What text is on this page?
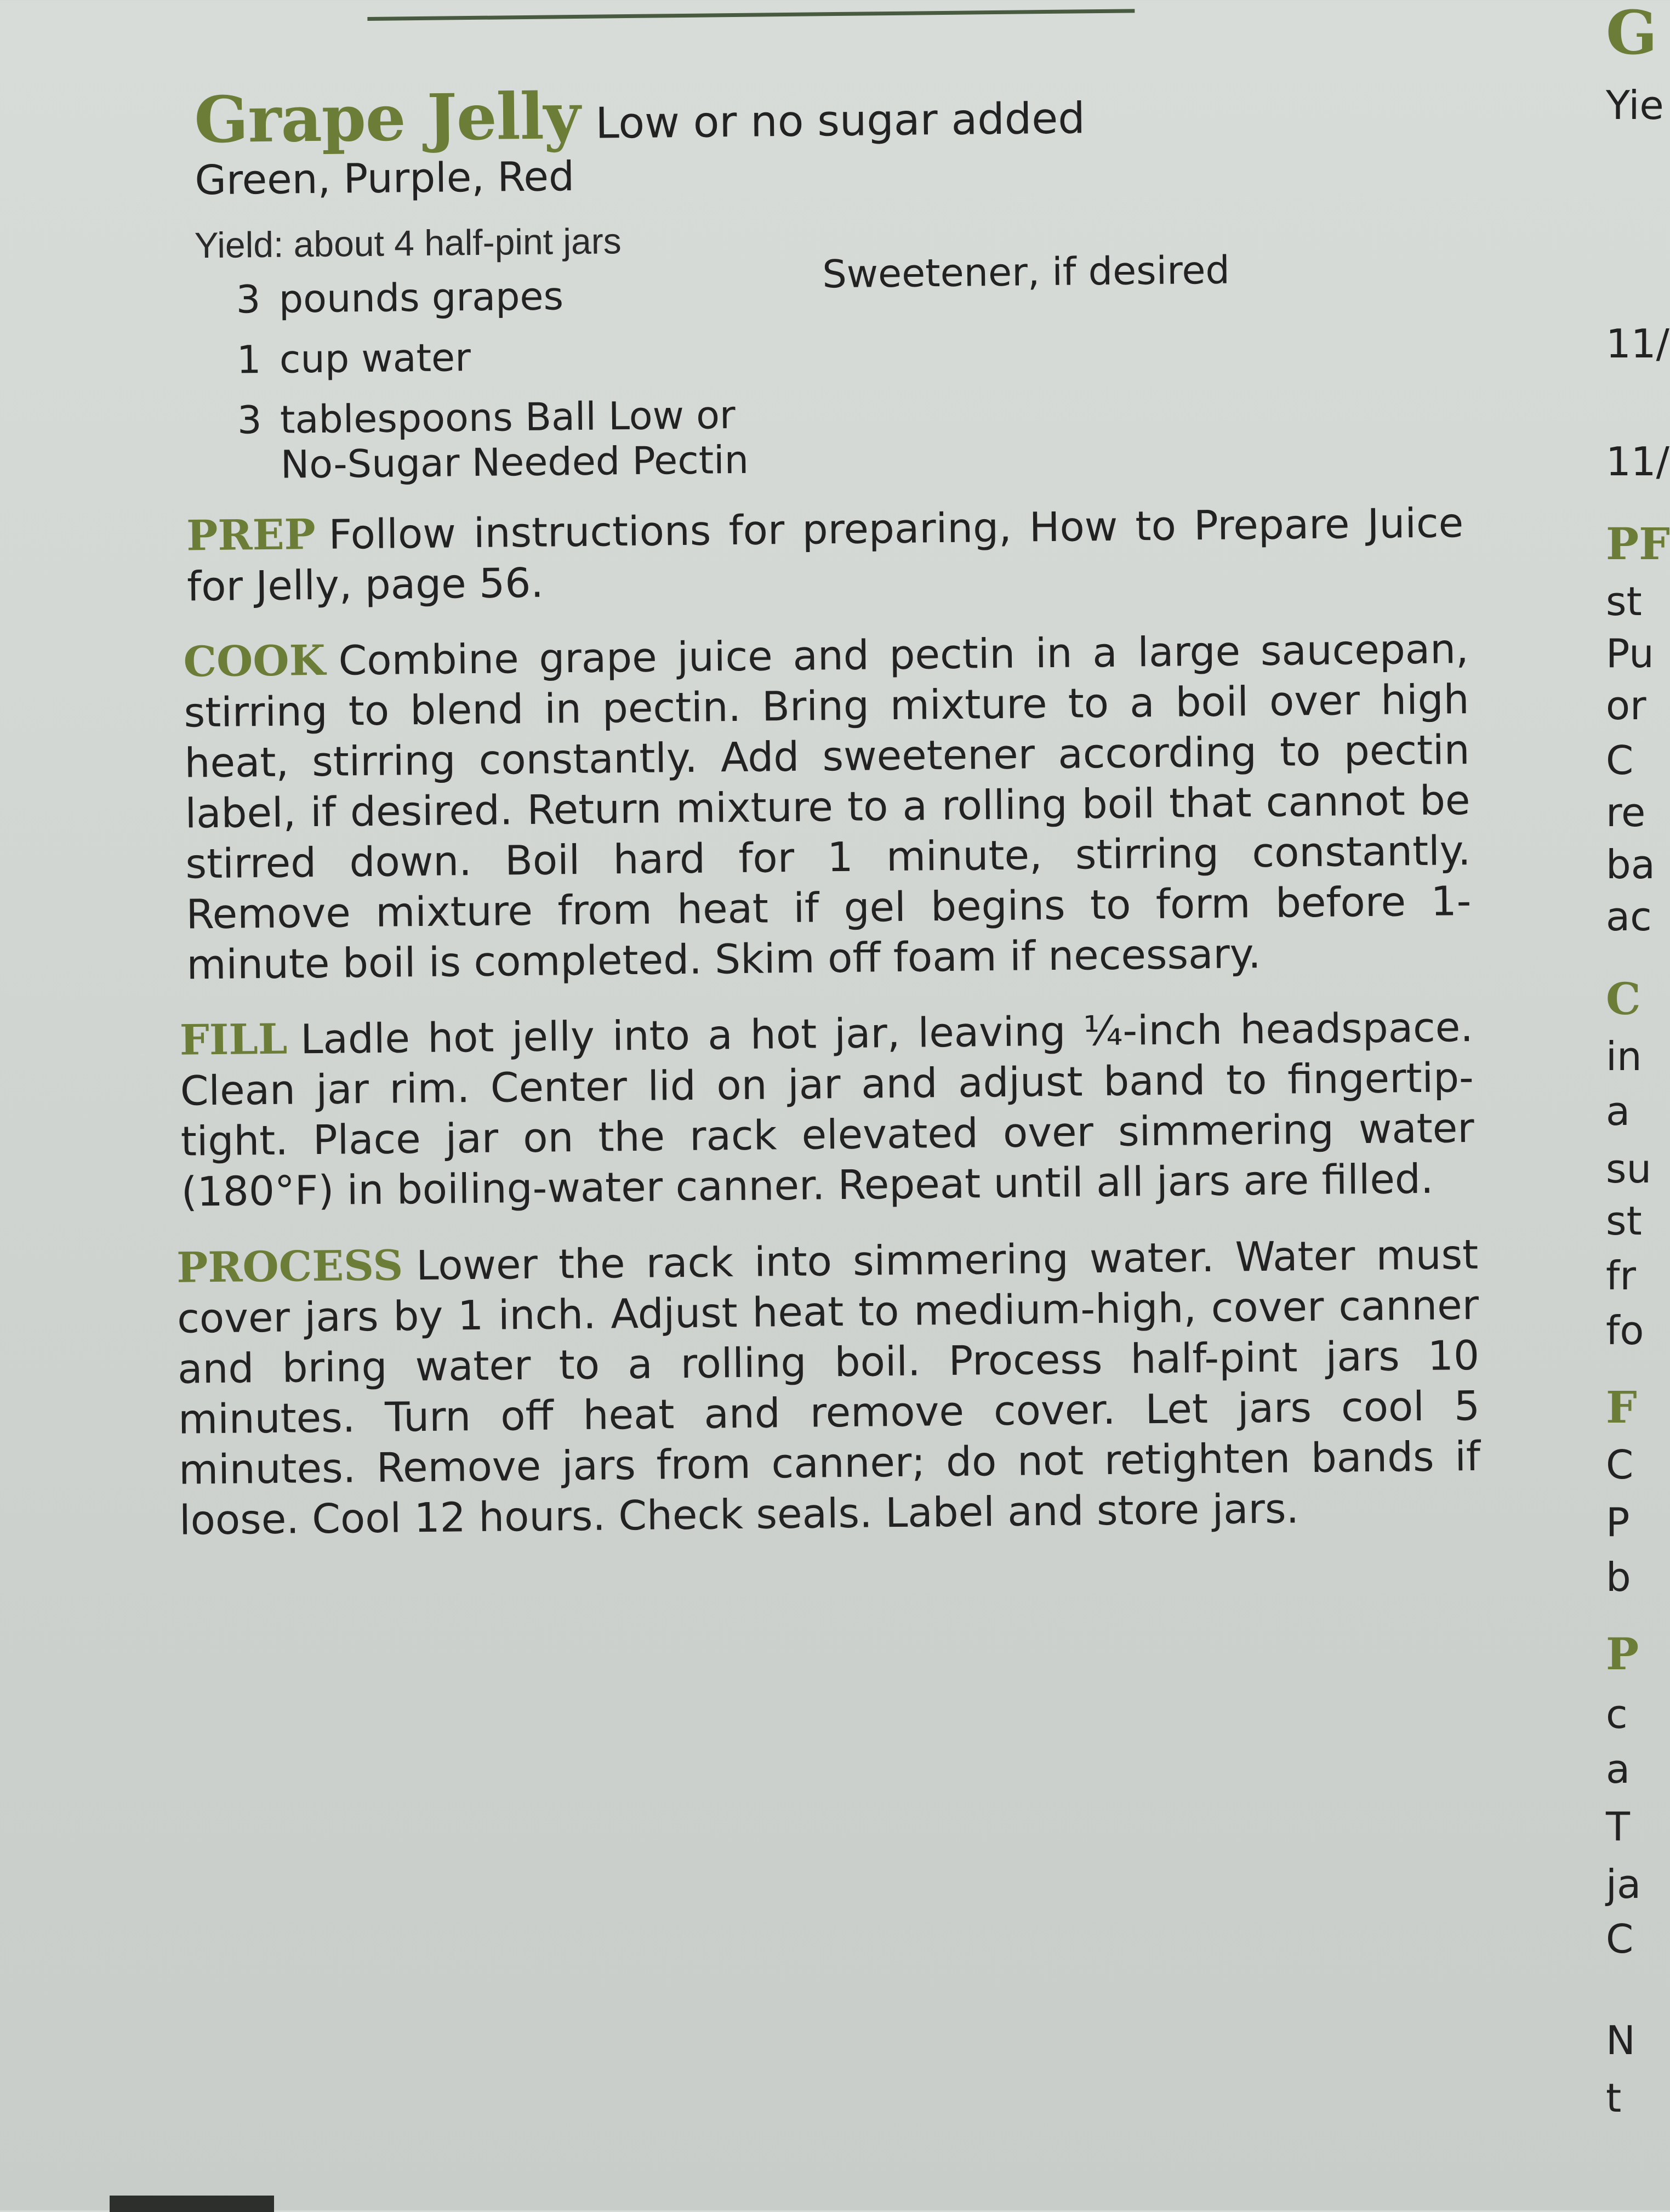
Grape Jelly Low or no sugar added
Green, Purple, Red
Yield: about 4 half-pint jars
3 pounds grapes
1 cup water
3 tablespoons Ball Low or
No-Sugar Needed Pectin
Sweetener, if desired
PREP Follow instructions for preparing, How to Prepare Juice for Jelly, page 56.
COOK Combine grape juice and pectin in a large saucepan, stirring to blend in pectin. Bring mixture to a boil over high heat, stirring constantly. Add sweetener according to pectin label, if desired. Return mixture to a rolling boil that cannot be stirred down. Boil hard for 1 minute, stirring constantly. Remove mixture from heat if gel begins to form before 1-minute boil is completed. Skim off foam if necessary.
FILL Ladle hot jelly into a hot jar, leaving ¼-inch headspace. Clean jar rim. Center lid on jar and adjust band to fingertip-tight. Place jar on the rack elevated over simmering water (180°F) in boiling-water canner. Repeat until all jars are filled.
PROCESS Lower the rack into simmering water. Water must cover jars by 1 inch. Adjust heat to medium-high, cover canner and bring water to a rolling boil. Process half-pint jars 10 minutes. Turn off heat and remove cover. Let jars cool 5 minutes. Remove jars from canner; do not retighten bands if loose. Cool 12 hours. Check seals. Label and store jars.
G
Yie
11/
11/
PF
st
Pu
or
C
re
ba
ac
C
in
a
su
st
fr
fo
F
C
P
b
P
c
a
T
ja
C
N
t
